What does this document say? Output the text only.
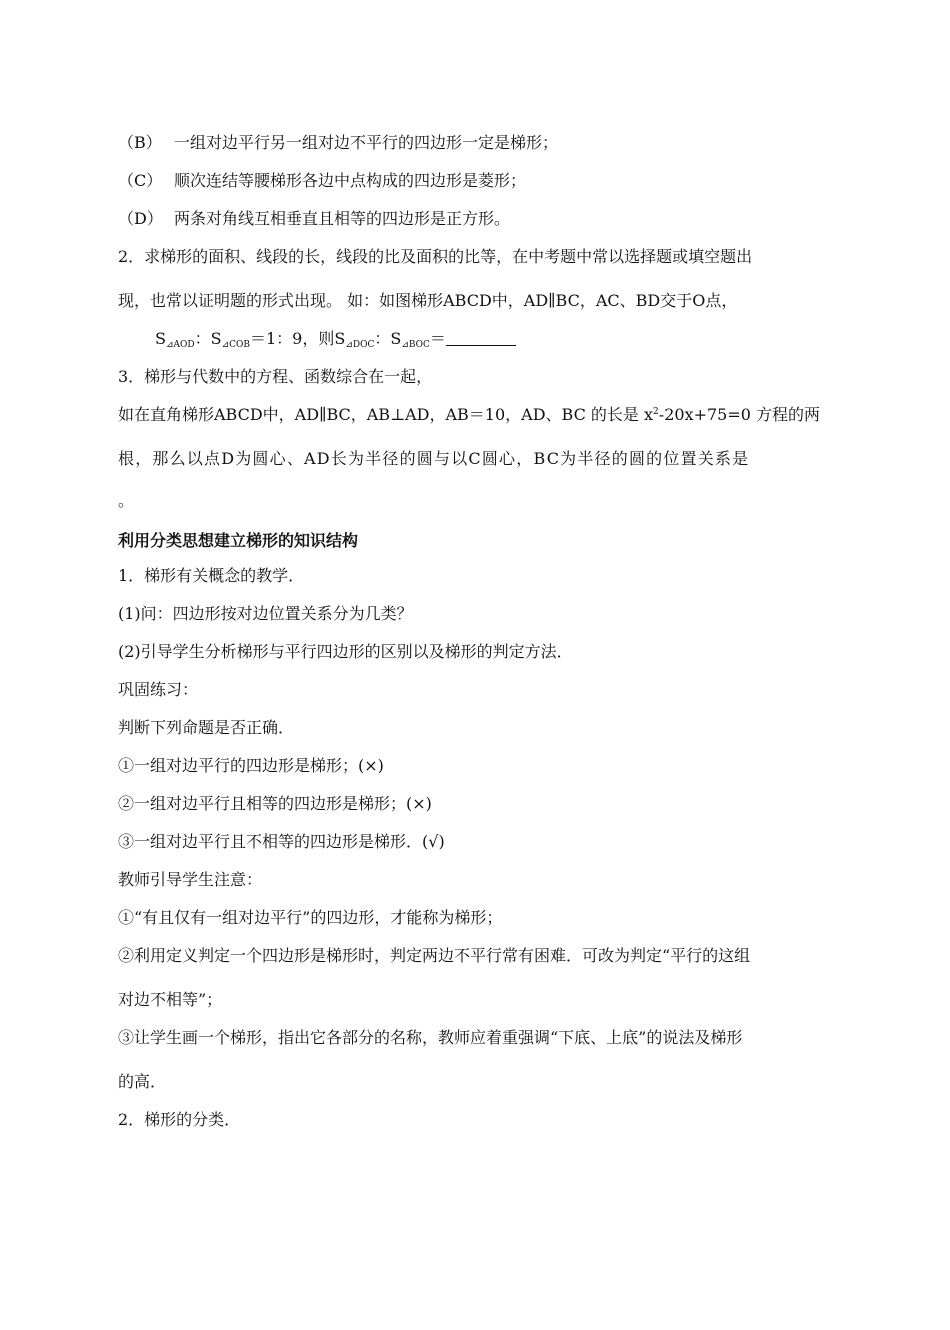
（B） 一组对边平行另一组对边不平行的四边形一定是梯形；
（C） 顺次连结等腰梯形各边中点构成的四边形是菱形；
（D） 两条对角线互相垂直且相等的四边形是正方形。
2．求梯形的面积、线段的长，线段的比及面积的比等，在中考题中常以选择题或填空题出
现，也常以证明题的形式出现。 如：如图梯形ABCD中，AD∥BC，AC、BD交于O点，
$S_{⊿AOD}$：$S_{⊿COB}=1$：9，则$S_{⊿DOC}$：$S_{⊿BOC}=$
3．梯形与代数中的方程、函数综合在一起，
如在直角梯形ABCD中，AD∥BC，AB⊥AD，AB＝10，AD、BC 的长是 $x^2-20x+75=0$ 方程的两
根，那么以点D为圆心、AD长为半径的圆与以C圆心，BC为半径的圆的位置关系是
。
利用分类思想建立梯形的知识结构
1．梯形有关概念的教学．
(1)问：四边形按对边位置关系分为几类？
(2)引导学生分析梯形与平行四边形的区别以及梯形的判定方法．
巩固练习：
判断下列命题是否正确．
①一组对边平行的四边形是梯形；(×)
②一组对边平行且相等的四边形是梯形；(×)
③一组对边平行且不相等的四边形是梯形．(√)
教师引导学生注意：
①“有且仅有一组对边平行”的四边形，才能称为梯形；
②利用定义判定一个四边形是梯形时，判定两边不平行常有困难．可改为判定“平行的这组
对边不相等”；
③让学生画一个梯形，指出它各部分的名称，教师应着重强调“下底、上底”的说法及梯形
的高．
2．梯形的分类．
